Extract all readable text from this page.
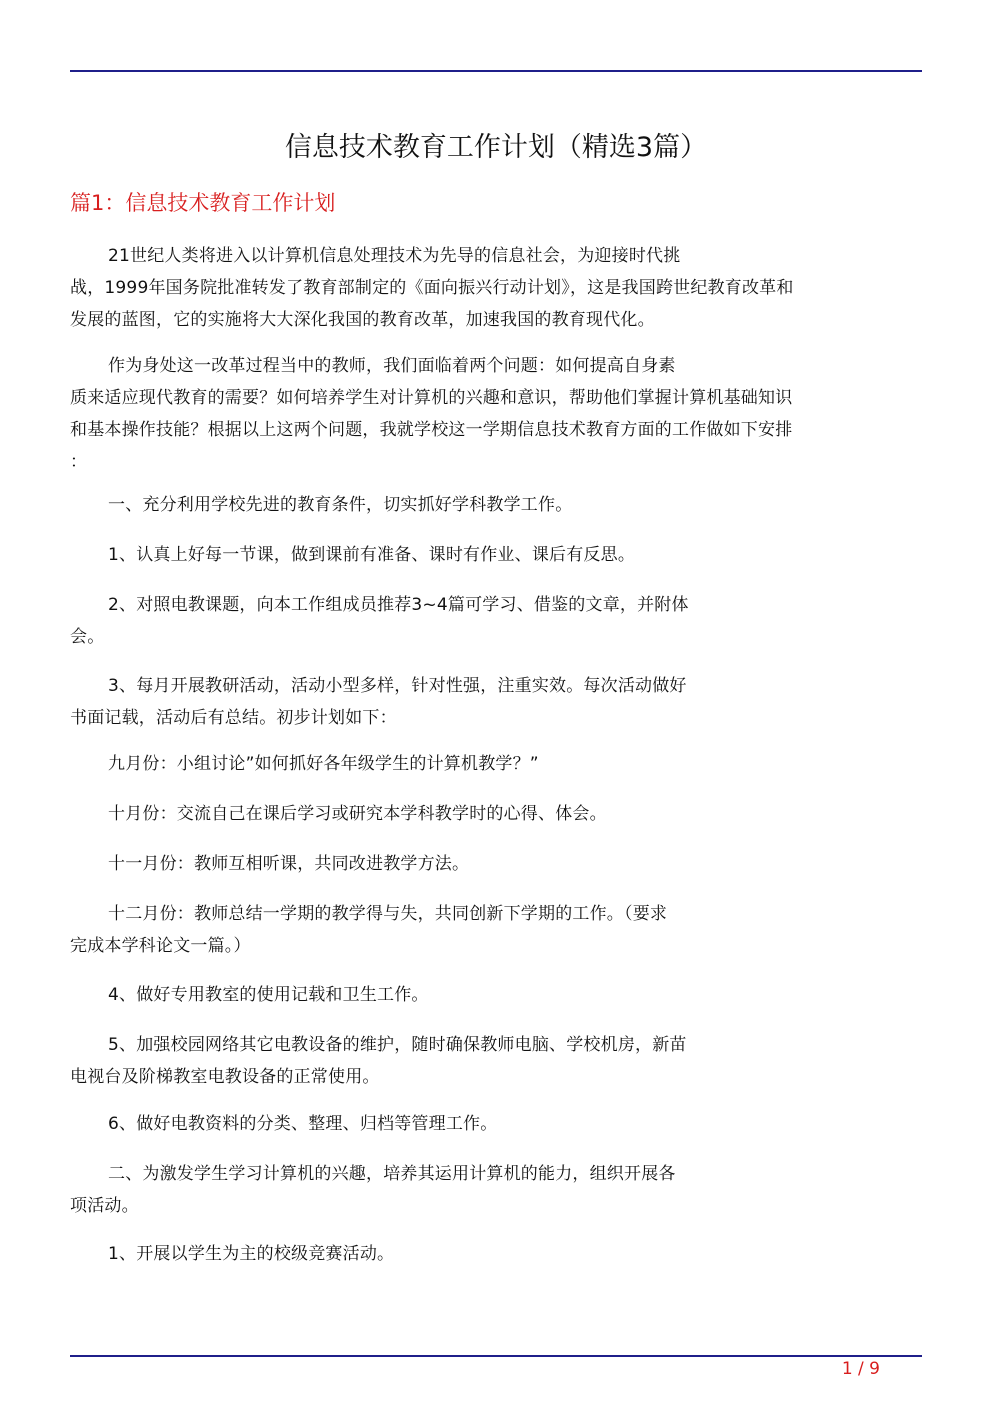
信息技术教育工作计划（精选3篇）
篇1：信息技术教育工作计划

21世纪人类将进入以计算机信息处理技术为先导的信息社会，为迎接时代挑
战，1999年国务院批准转发了教育部制定的《面向振兴行动计划》，这是我国跨世纪教育改革和
发展的蓝图，它的实施将大大深化我国的教育改革，加速我国的教育现代化。

作为身处这一改革过程当中的教师，我们面临着两个问题：如何提高自身素
质来适应现代教育的需要？如何培养学生对计算机的兴趣和意识，帮助他们掌握计算机基础知识
和基本操作技能？根据以上这两个问题，我就学校这一学期信息技术教育方面的工作做如下安排
：

一、充分利用学校先进的教育条件，切实抓好学科教学工作。

1、认真上好每一节课，做到课前有准备、课时有作业、课后有反思。

2、对照电教课题，向本工作组成员推荐3~4篇可学习、借鉴的文章，并附体
会。

3、每月开展教研活动，活动小型多样，针对性强，注重实效。每次活动做好
书面记载，活动后有总结。初步计划如下：

九月份：小组讨论”如何抓好各年级学生的计算机教学？”

十月份：交流自己在课后学习或研究本学科教学时的心得、体会。

十一月份：教师互相听课，共同改进教学方法。

十二月份：教师总结一学期的教学得与失，共同创新下学期的工作。（要求
完成本学科论文一篇。）

4、做好专用教室的使用记载和卫生工作。

5、加强校园网络其它电教设备的维护，随时确保教师电脑、学校机房，新苗
电视台及阶梯教室电教设备的正常使用。

6、做好电教资料的分类、整理、归档等管理工作。

二、为激发学生学习计算机的兴趣，培养其运用计算机的能力，组织开展各
项活动。

1、开展以学生为主的校级竞赛活动。

1 / 9
